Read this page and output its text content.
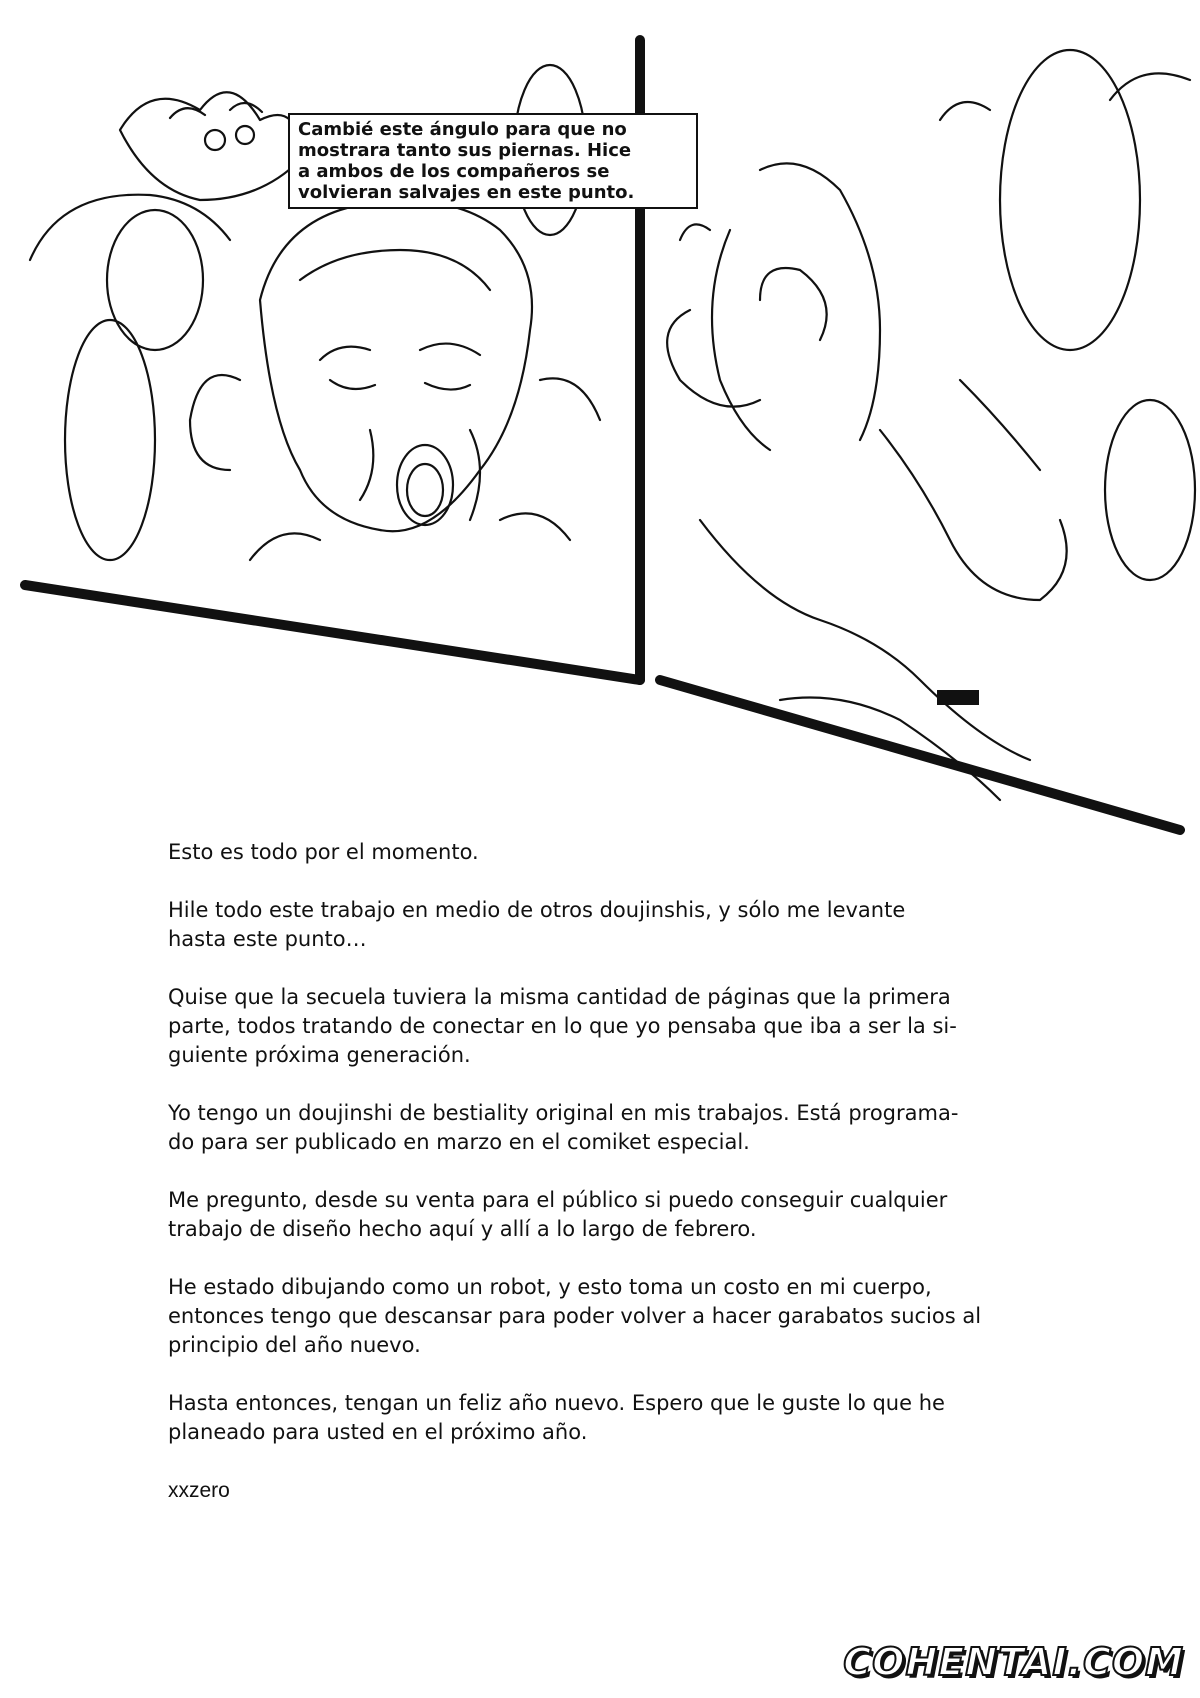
Cambié este ángulo para que no
mostrara tanto sus piernas. Hice
a ambos de los compañeros se
volvieran salvajes en este punto.

Esto es todo por el momento.

Hile todo este trabajo en medio de otros doujinshis, y sólo me levante
hasta este punto…

Quise que la secuela tuviera la misma cantidad de páginas que la primera
parte, todos tratando de conectar en lo que yo pensaba que iba a ser la si-
guiente próxima generación.

Yo tengo un doujinshi de bestiality original en mis trabajos. Está programa-
do para ser publicado en marzo en el comiket especial.

Me pregunto, desde su venta para el público si puedo conseguir cualquier
trabajo de diseño hecho aquí y allí a lo largo de febrero.

He estado dibujando como un robot, y esto toma un costo en mi cuerpo,
entonces tengo que descansar para poder volver a hacer garabatos sucios al
principio del año nuevo.

Hasta entonces, tengan un feliz año nuevo. Espero que le guste lo que he
planeado para usted en el próximo año.

xxzero

COHENTAI.COM
